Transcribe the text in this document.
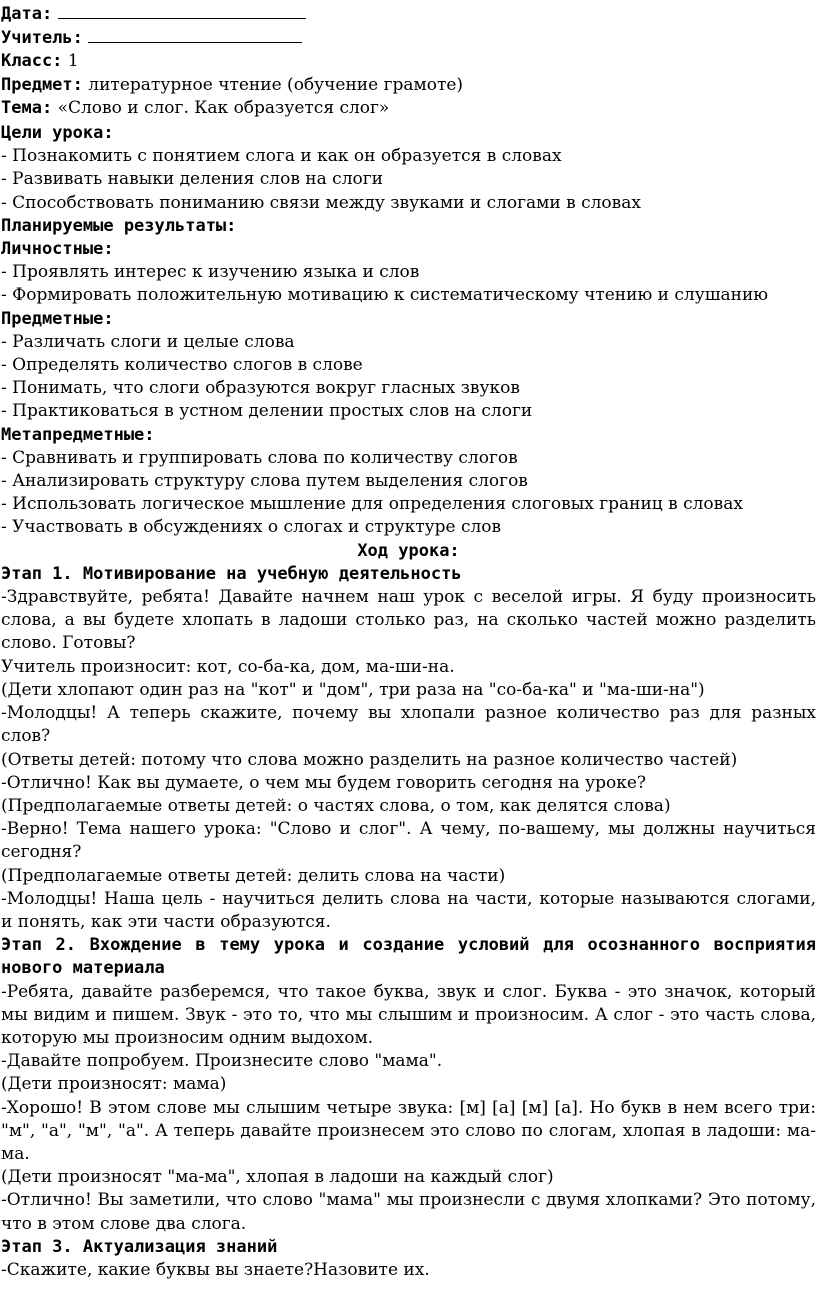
Дата:
Учитель:
Класс: 1
Предмет: литературное чтение (обучение грамоте)
Тема: «Слово и слог. Как образуется слог»
Цели урока:
- Познакомить с понятием слога и как он образуется в словах
- Развивать навыки деления слов на слоги
- Способствовать пониманию связи между звуками и слогами в словах
Планируемые результаты:
Личностные:
- Проявлять интерес к изучению языка и слов

- Формировать положительную мотивацию к систематическому чтению и слушанию

Предметные:
- Различать слоги и целые слова
- Определять количество слогов в слове
- Понимать, что слоги образуются вокруг гласных звуков
- Практиковаться в устном делении простых слов на слоги
Метапредметные:
- Сравнивать и группировать слова по количеству слогов
- Анализировать структуру слова путем выделения слогов
- Использовать логическое мышление для определения слоговых границ в словах
- Участвовать в обсуждениях о слогах и структуре слов
Ход урока:
Этап 1. Мотивирование на учебную деятельность

-Здравствуйте, ребята! Давайте начнем наш урок с веселой игры. Я буду произносить слова, а вы будете хлопать в ладоши столько раз, на сколько частей можно разделить слово. Готовы?

Учитель произносит: кот, со-ба-ка, дом, ма-ши-на.

(Дети хлопают один раз на "кот" и "дом", три раза на "со-ба-ка" и "ма-ши-на")

-Молодцы! А теперь скажите, почему вы хлопали разное количество раз для разных слов?

(Ответы детей: потому что слова можно разделить на разное количество частей)

-Отлично! Как вы думаете, о чем мы будем говорить сегодня на уроке?

(Предполагаемые ответы детей: о частях слова, о том, как делятся слова)

-Верно! Тема нашего урока: "Слово и слог". А чему, по-вашему, мы должны научиться сегодня?

(Предполагаемые ответы детей: делить слова на части)

-Молодцы! Наша цель - научиться делить слова на части, которые называются слогами, и понять, как эти части образуются.

Этап 2. Вхождение в тему урока и создание условий для осознанного восприятия нового материала

-Ребята, давайте разберемся, что такое буква, звук и слог. Буква - это значок, который мы видим и пишем. Звук - это то, что мы слышим и произносим. А слог - это часть слова, которую мы произносим одним выдохом.

-Давайте попробуем. Произнесите слово "мама".

(Дети произносят: мама)

-Хорошо! В этом слове мы слышим четыре звука: [м] [а] [м] [а]. Но букв в нем всего три: "м", "а", "м", "а". А теперь давайте произнесем это слово по слогам, хлопая в ладоши: ма-ма.

(Дети произносят "ма-ма", хлопая в ладоши на каждый слог)

-Отлично! Вы заметили, что слово "мама" мы произнесли с двумя хлопками? Это потому, что в этом слове два слога.

Этап 3. Актуализация знаний

-Скажите, какие буквы вы знаете?Назовите их.
